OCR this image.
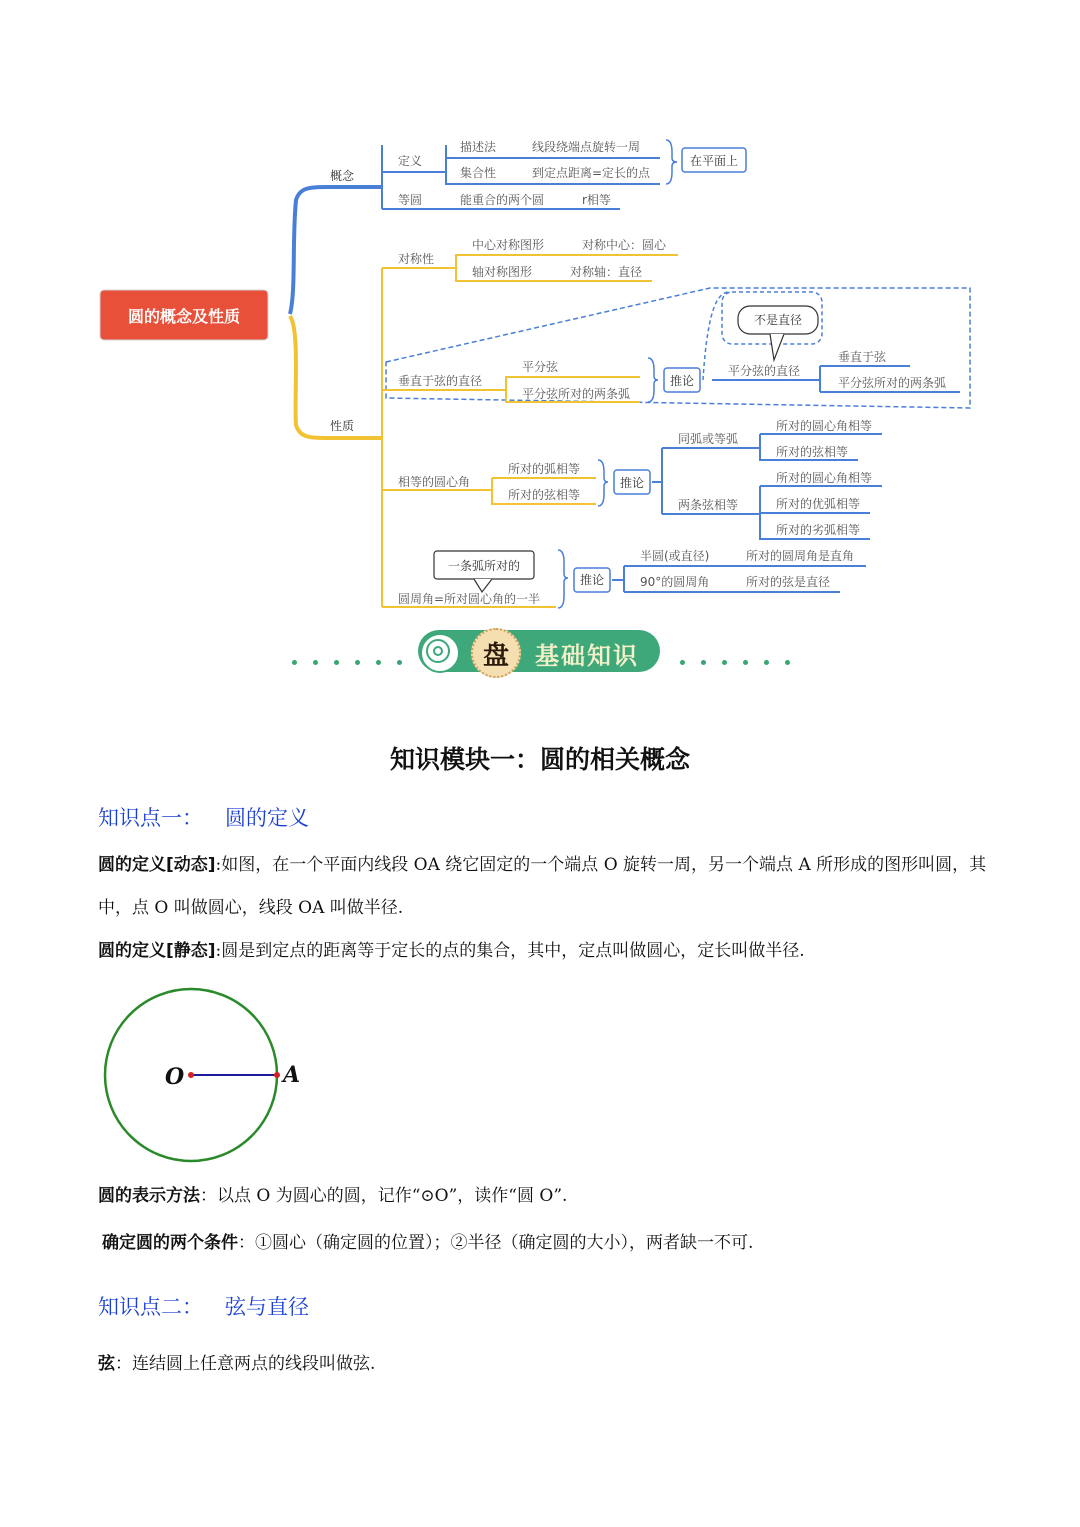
圆的概念及性质
概念
定义
描述法	线段绕端点旋转一周
集合性	到定点距离=定长的点
在平面上
等圆	能重合的两个圆	r相等
性质
对称性
中心对称图形	对称中心：圆心
轴对称图形	对称轴：直径
垂直于弦的直径
平分弦
平分弦所对的两条弧
推论
不是直径
平分弦的直径
垂直于弦
平分弦所对的两条弧
相等的圆心角
所对的弧相等
所对的弦相等
推论
同弧或等弧
所对的圆心角相等
所对的弦相等
两条弦相等
所对的圆心角相等
所对的优弧相等
所对的劣弧相等
一条弧所对的
圆周角=所对圆心角的一半
推论
半圆(或直径)	所对的圆周角是直角
90°的圆周角	所对的弦是直径
盘	基础知识
知识模块一：圆的相关概念
知识点一： 圆的定义
圆的定义[动态]:如图，在一个平面内线段 OA 绕它固定的一个端点 O 旋转一周，另一个端点 A 所形成的图形叫圆，其中，点 O 叫做圆心，线段 OA 叫做半径.
圆的定义[静态]:圆是到定点的距离等于定长的点的集合，其中，定点叫做圆心，定长叫做半径.
O	A
圆的表示方法：以点 O 为圆心的圆，记作“⊙O”，读作“圆 O”.
确定圆的两个条件：①圆心（确定圆的位置）；②半径（确定圆的大小），两者缺一不可.
知识点二： 弦与直径
弦：连结圆上任意两点的线段叫做弦.
